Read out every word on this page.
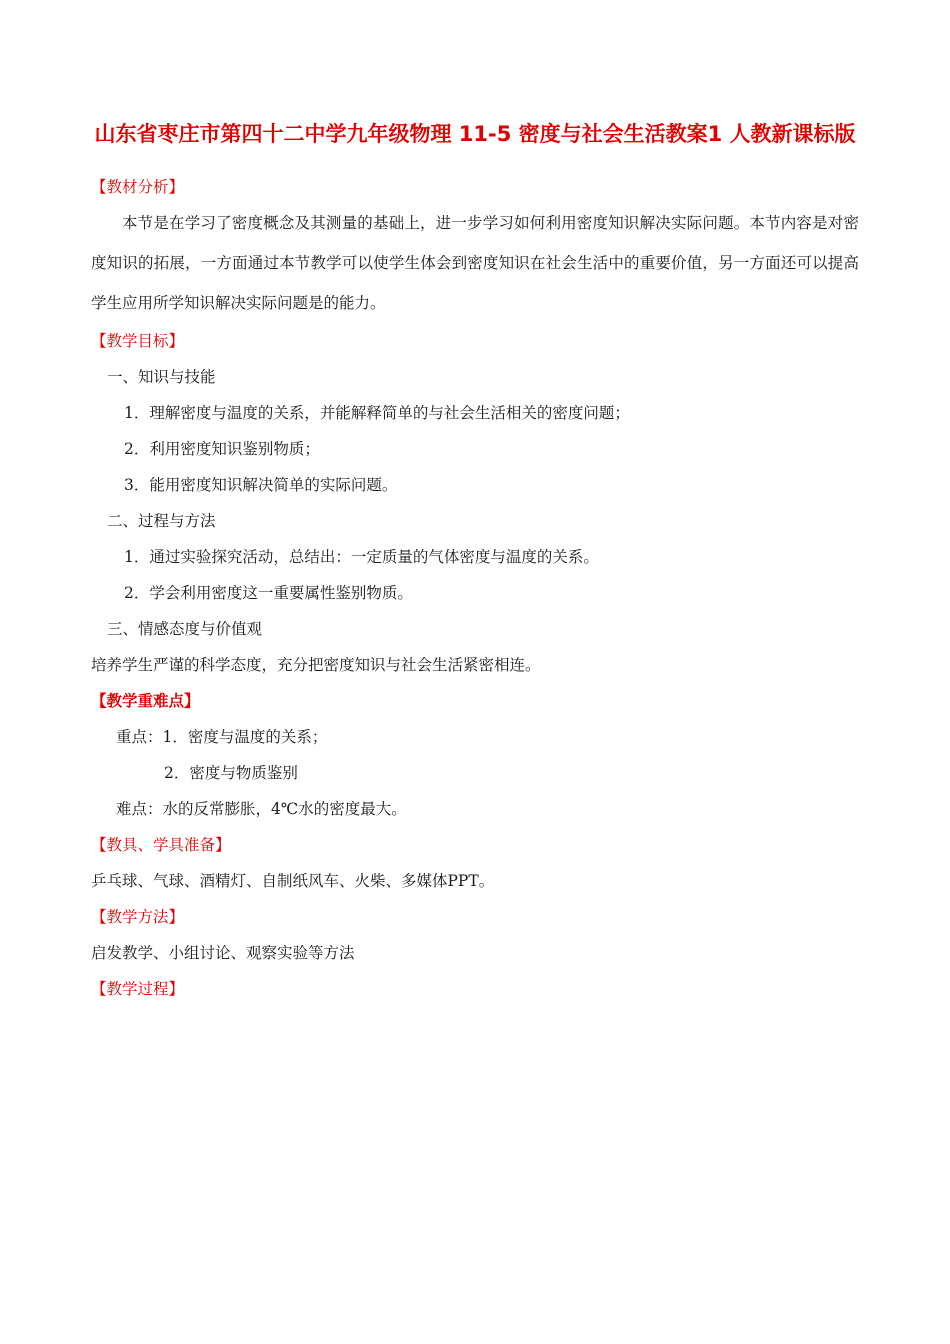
山东省枣庄市第四十二中学九年级物理 11-5 密度与社会生活教案1 人教新课标版
【教材分析】
本节是在学习了密度概念及其测量的基础上，进一步学习如何利用密度知识解决实际问题。本节内容是对密度知识的拓展，一方面通过本节教学可以使学生体会到密度知识在社会生活中的重要价值，另一方面还可以提高学生应用所学知识解决实际问题是的能力。
【教学目标】
一、知识与技能
1．理解密度与温度的关系，并能解释简单的与社会生活相关的密度问题；
2．利用密度知识鉴别物质；
3．能用密度知识解决简单的实际问题。
二、过程与方法
1．通过实验探究活动，总结出：一定质量的气体密度与温度的关系。
2．学会利用密度这一重要属性鉴别物质。
三、情感态度与价值观
培养学生严谨的科学态度，充分把密度知识与社会生活紧密相连。
【教学重难点】
重点：1．密度与温度的关系；
2．密度与物质鉴别
难点：水的反常膨胀，4℃水的密度最大。
【教具、学具准备】
乒乓球、气球、酒精灯、自制纸风车、火柴、多媒体PPT。
【教学方法】
启发教学、小组讨论、观察实验等方法
【教学过程】
